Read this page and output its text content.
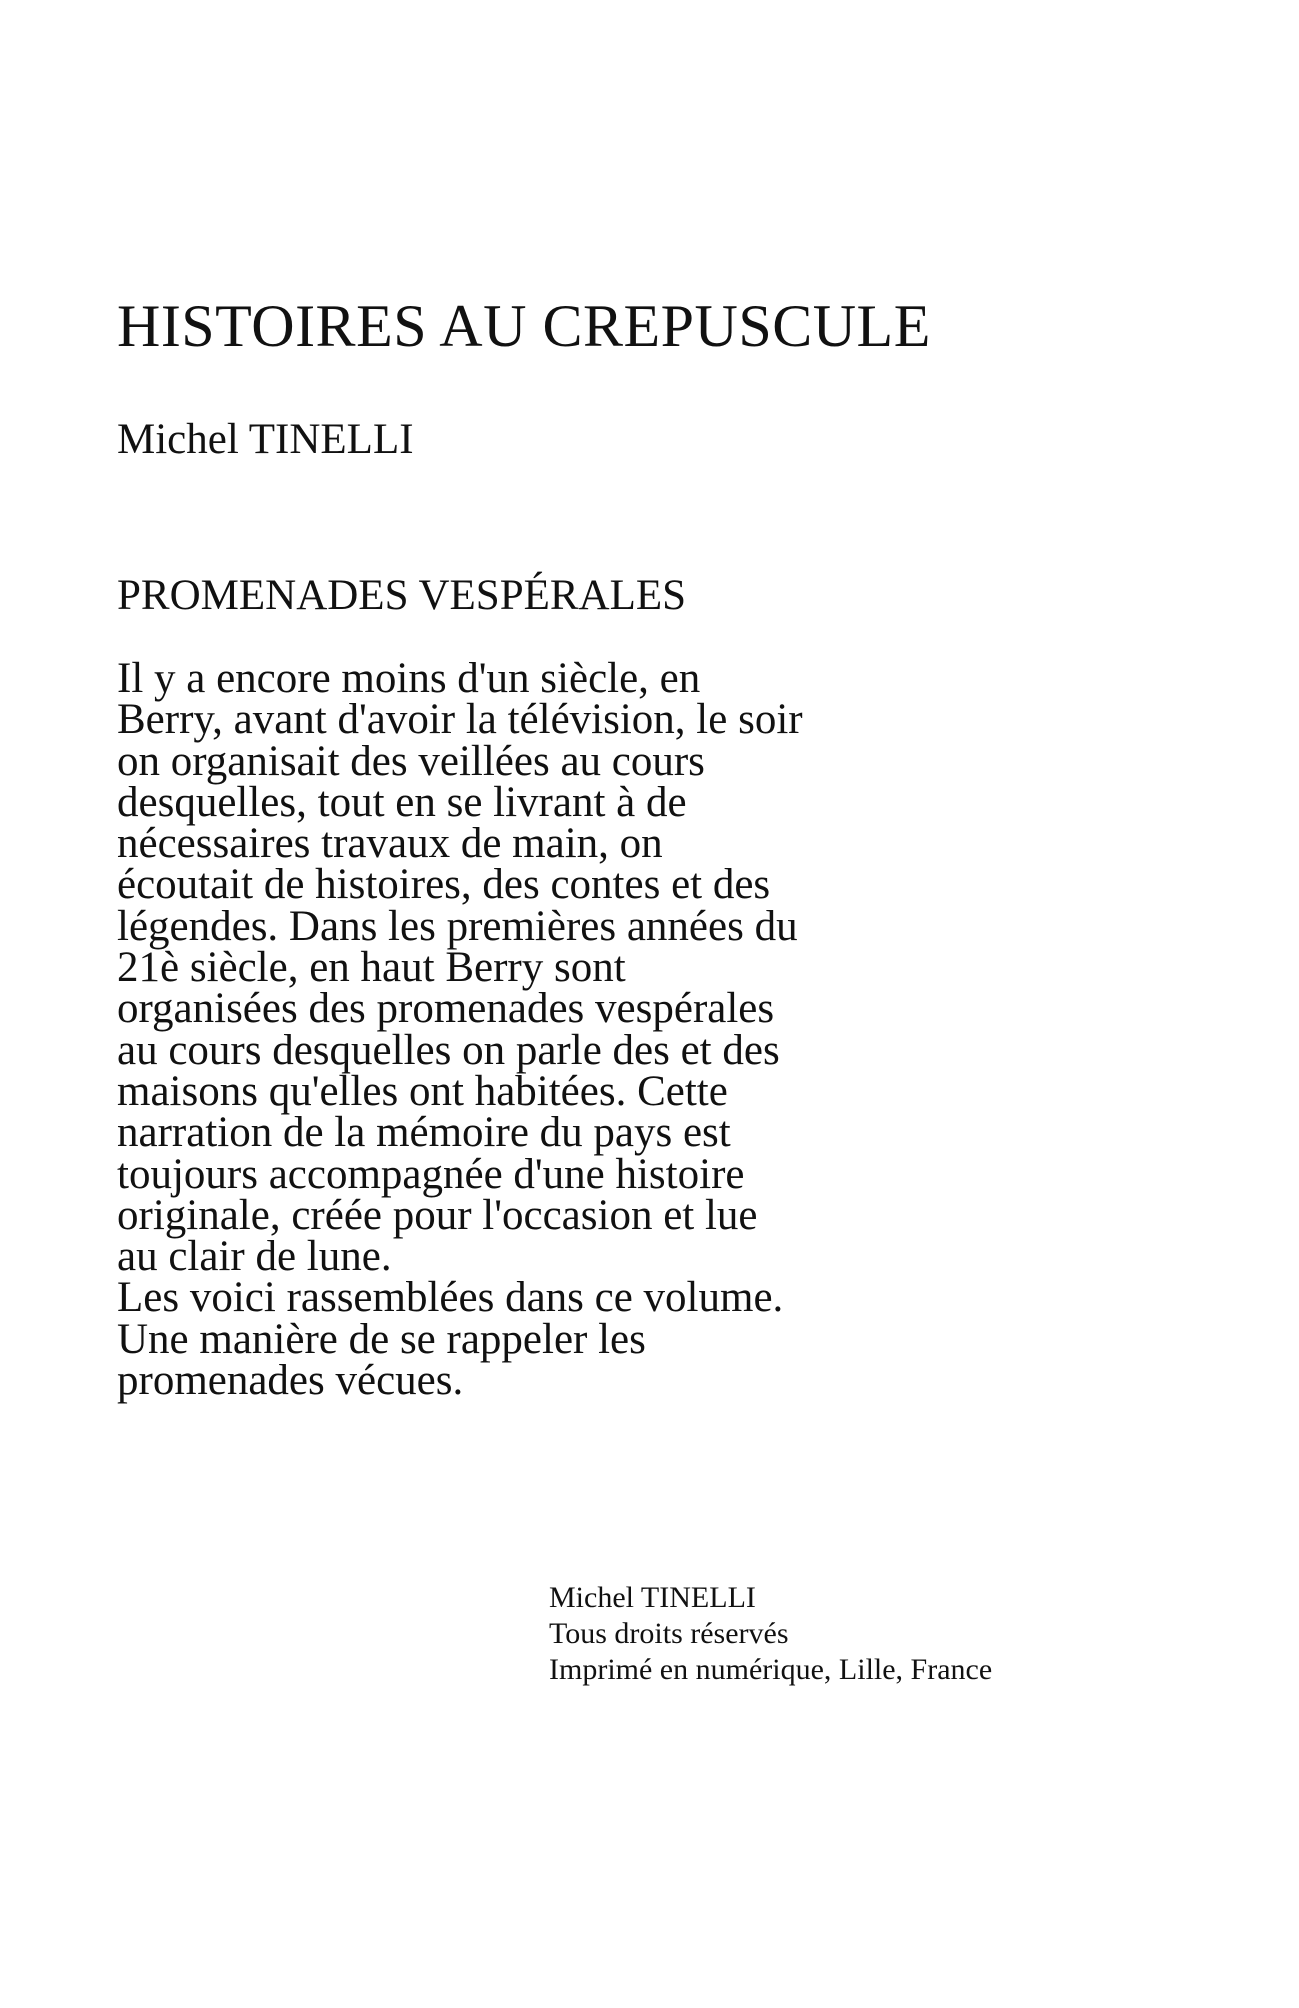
HISTOIRES AU CREPUSCULE

Michel TINELLI

PROMENADES VESPÉRALES

Il y a encore moins d'un siècle, en
Berry, avant d'avoir la télévision, le soir
on organisait des veillées au cours
desquelles, tout en se livrant à de
nécessaires travaux de main, on
écoutait de histoires, des contes et des
légendes. Dans les premières années du
21è siècle, en haut Berry sont
organisées des promenades vespérales
au cours desquelles on parle des et des
maisons qu'elles ont habitées. Cette
narration de la mémoire du pays est
toujours accompagnée d'une histoire
originale, créée pour l'occasion et lue
au clair de lune.
Les voici rassemblées dans ce volume.
Une manière de se rappeler les
promenades vécues.

Michel TINELLI
Tous droits réservés
Imprimé en numérique, Lille, France
